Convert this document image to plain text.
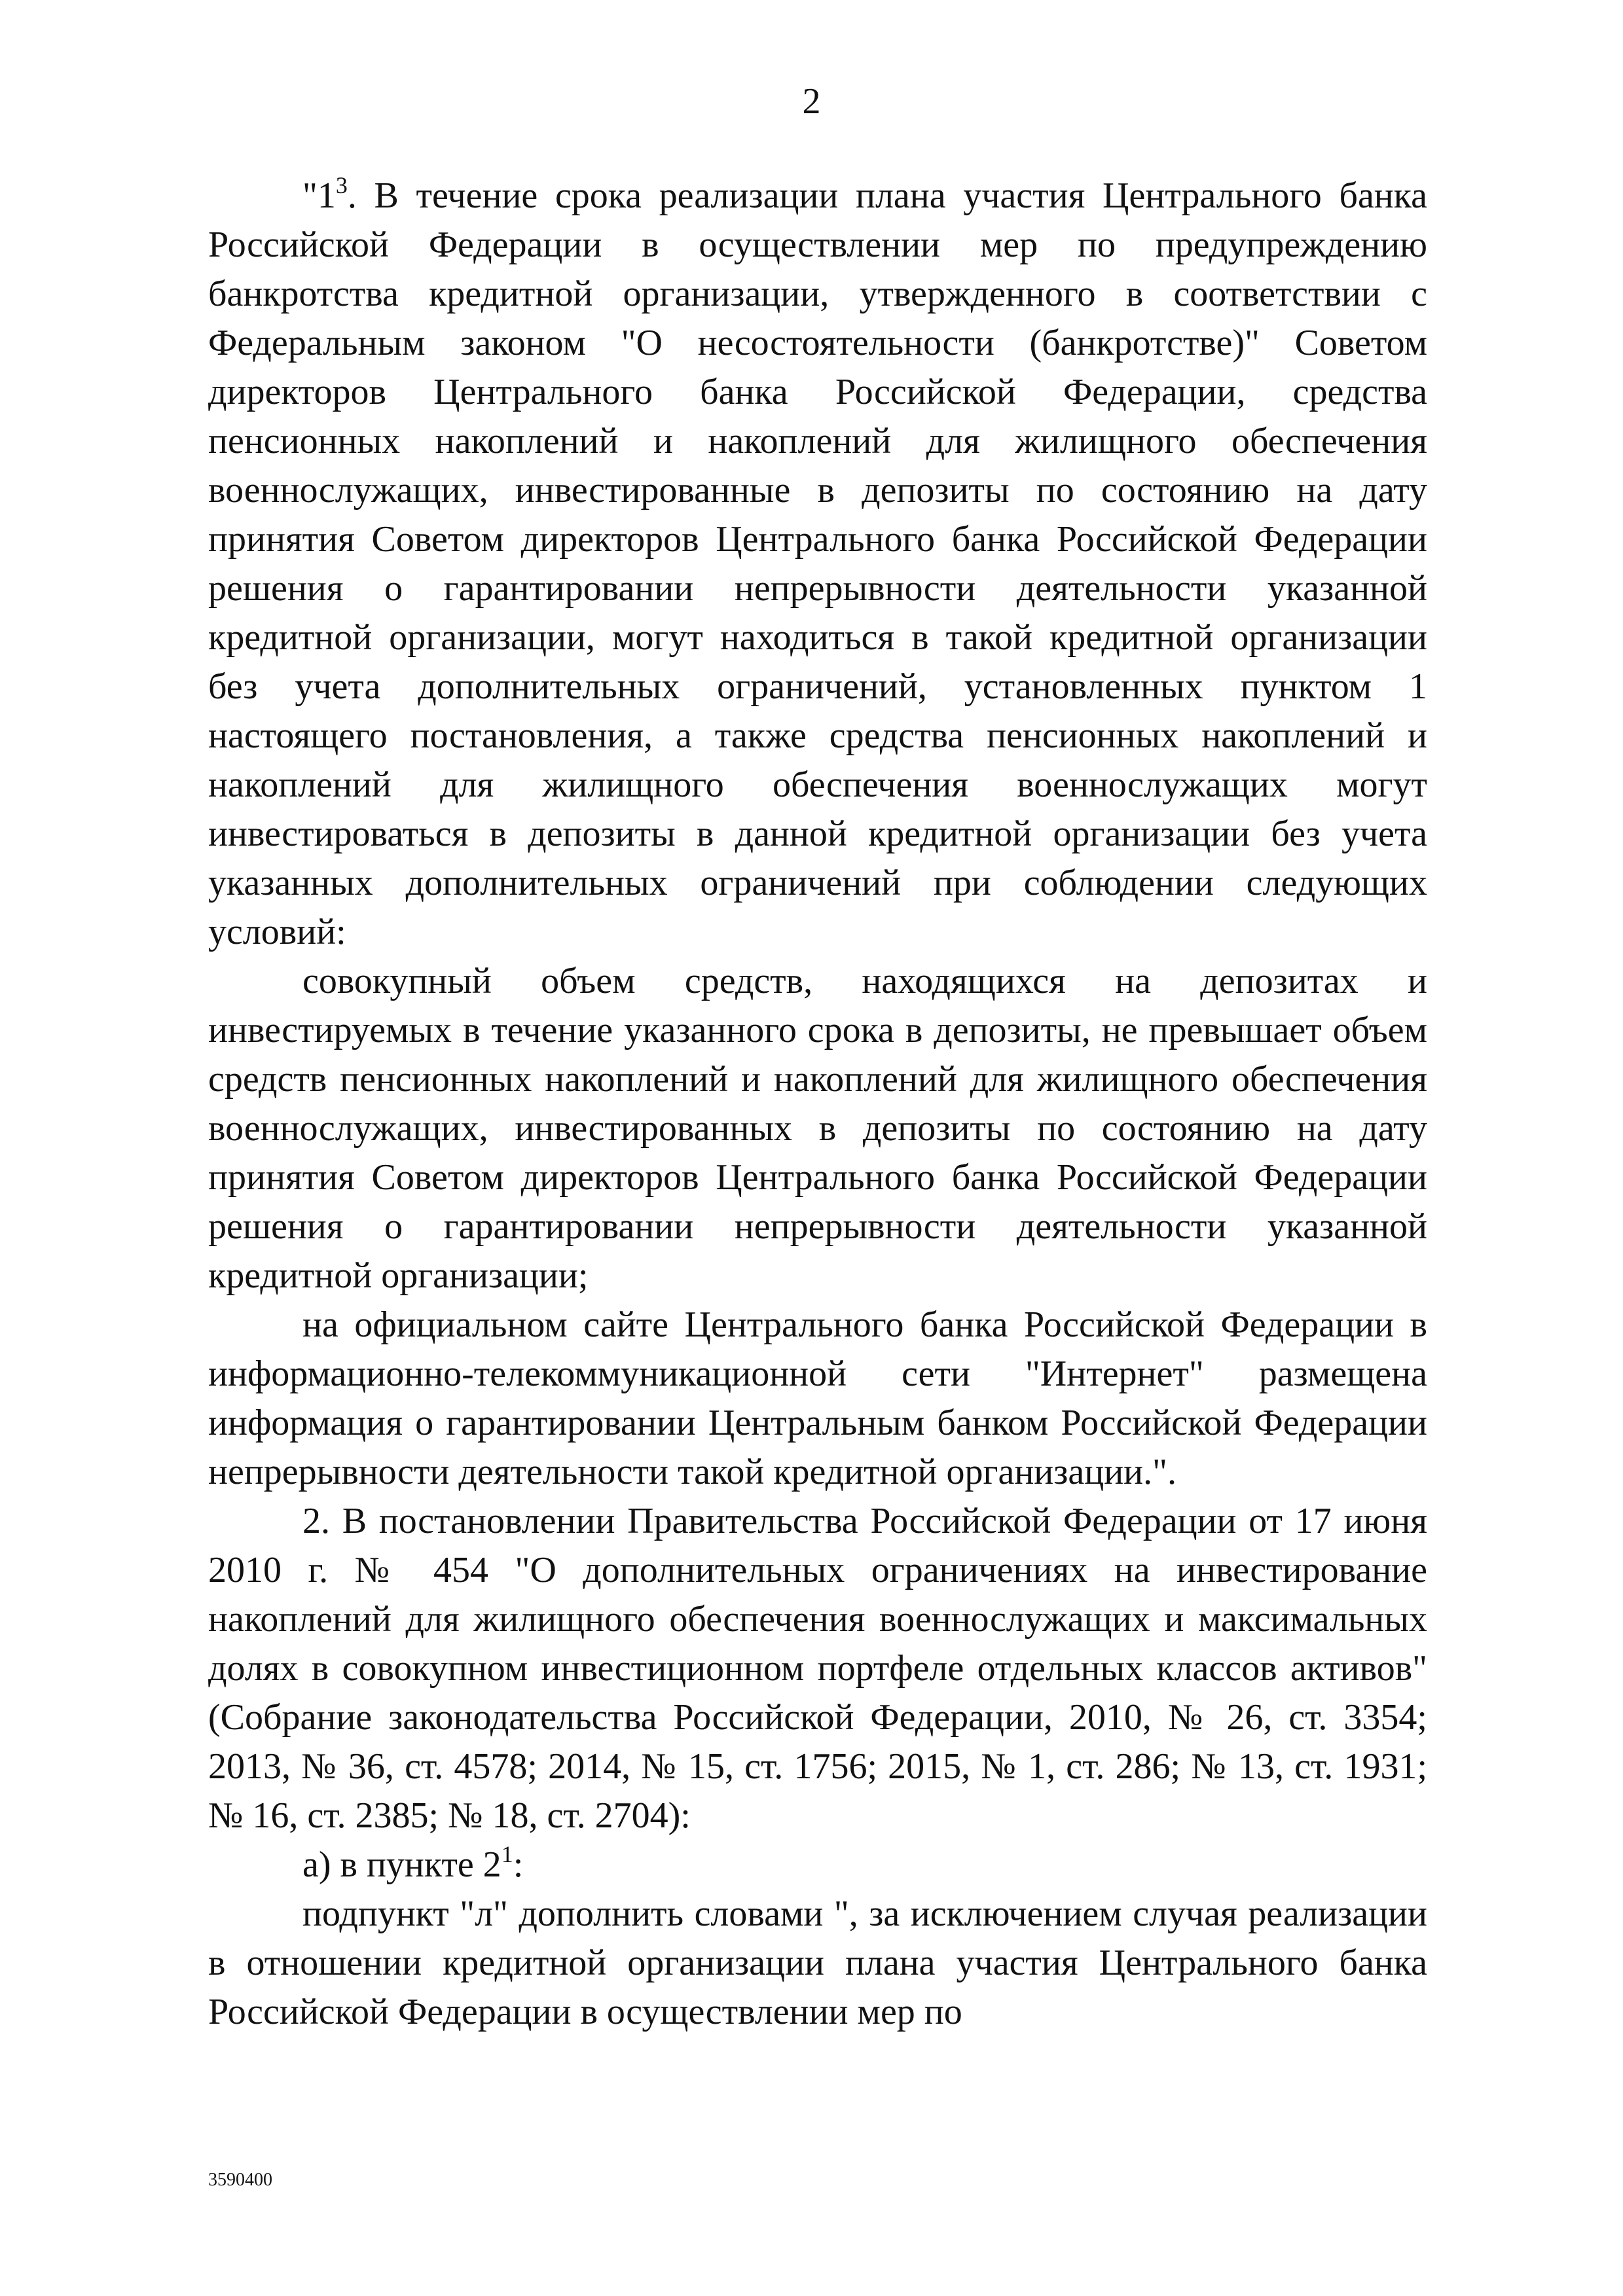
2

"$1^3$. В течение срока реализации плана участия Центрального банка Российской Федерации в осуществлении мер по предупреждению банкротства кредитной организации, утвержденного в соответствии с Федеральным законом "О несостоятельности (банкротстве)" Советом директоров Центрального банка Российской Федерации, средства пенсионных накоплений и накоплений для жилищного обеспечения военнослужащих, инвестированные в депозиты по состоянию на дату принятия Советом директоров Центрального банка Российской Федерации решения о гарантировании непрерывности деятельности указанной кредитной организации, могут находиться в такой кредитной организации без учета дополнительных ограничений, установленных пунктом 1 настоящего постановления, а также средства пенсионных накоплений и накоплений для жилищного обеспечения военнослужащих могут инвестироваться в депозиты в данной кредитной организации без учета указанных дополнительных ограничений при соблюдении следующих условий:

совокупный объем средств, находящихся на депозитах и инвестируемых в течение указанного срока в депозиты, не превышает объем средств пенсионных накоплений и накоплений для жилищного обеспечения военнослужащих, инвестированных в депозиты по состоянию на дату принятия Советом директоров Центрального банка Российской Федерации решения о гарантировании непрерывности деятельности указанной кредитной организации;

на официальном сайте Центрального банка Российской Федерации в информационно-телекоммуникационной сети "Интернет" размещена информация о гарантировании Центральным банком Российской Федерации непрерывности деятельности такой кредитной организации.".

2. В постановлении Правительства Российской Федерации от 17 июня 2010 г. № 454 "О дополнительных ограничениях на инвестирование накоплений для жилищного обеспечения военнослужащих и максимальных долях в совокупном инвестиционном портфеле отдельных классов активов" (Собрание законодательства Российской Федерации, 2010, № 26, ст. 3354; 2013, № 36, ст. 4578; 2014, № 15, ст. 1756; 2015, № 1, ст. 286; № 13, ст. 1931; № 16, ст. 2385; № 18, ст. 2704):

а) в пункте $2^1$:

подпункт "л" дополнить словами ", за исключением случая реализации в отношении кредитной организации плана участия Центрального банка Российской Федерации в осуществлении мер по

3590400
